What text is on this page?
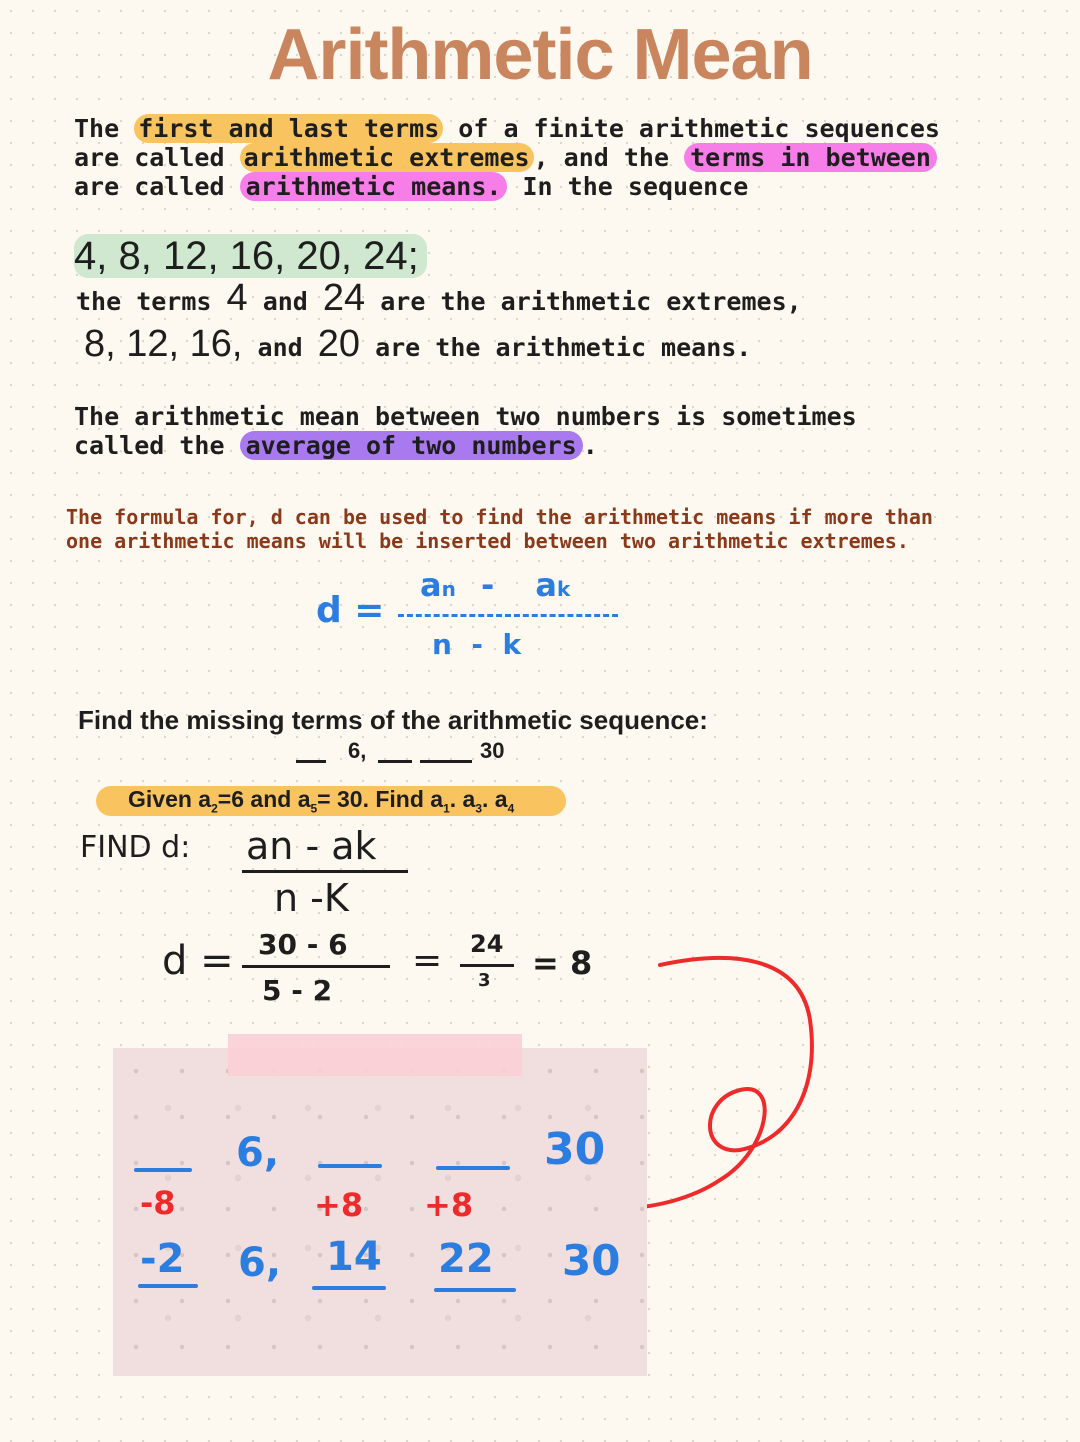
Arithmetic Mean
The first and last terms of a finite arithmetic sequences
are called arithmetic extremes , and the terms in between
are called arithmetic means. In the sequence
4, 8, 12, 16, 20, 24;
the terms 4 and 24 are the arithmetic extremes,
8, 12, 16, and 20 are the arithmetic means.
The arithmetic mean between two numbers is sometimes
called the average of two numbers .
The formula for, d can be used to find the arithmetic means if more than
one arithmetic means will be inserted between two arithmetic extremes.
d =
an - ak
n  -  k
Find the missing terms of the arithmetic sequence:
6,	30
Given $a_2=6$ and $a_5= 30$. Find $a_1$. $a_3$. $a_4$
FIND d: an - ak
n -K
d = 30 - 6
5 - 2
= 24
3 = 8
6,	30
-8	+8 +8
-2 6, 14 22 30
